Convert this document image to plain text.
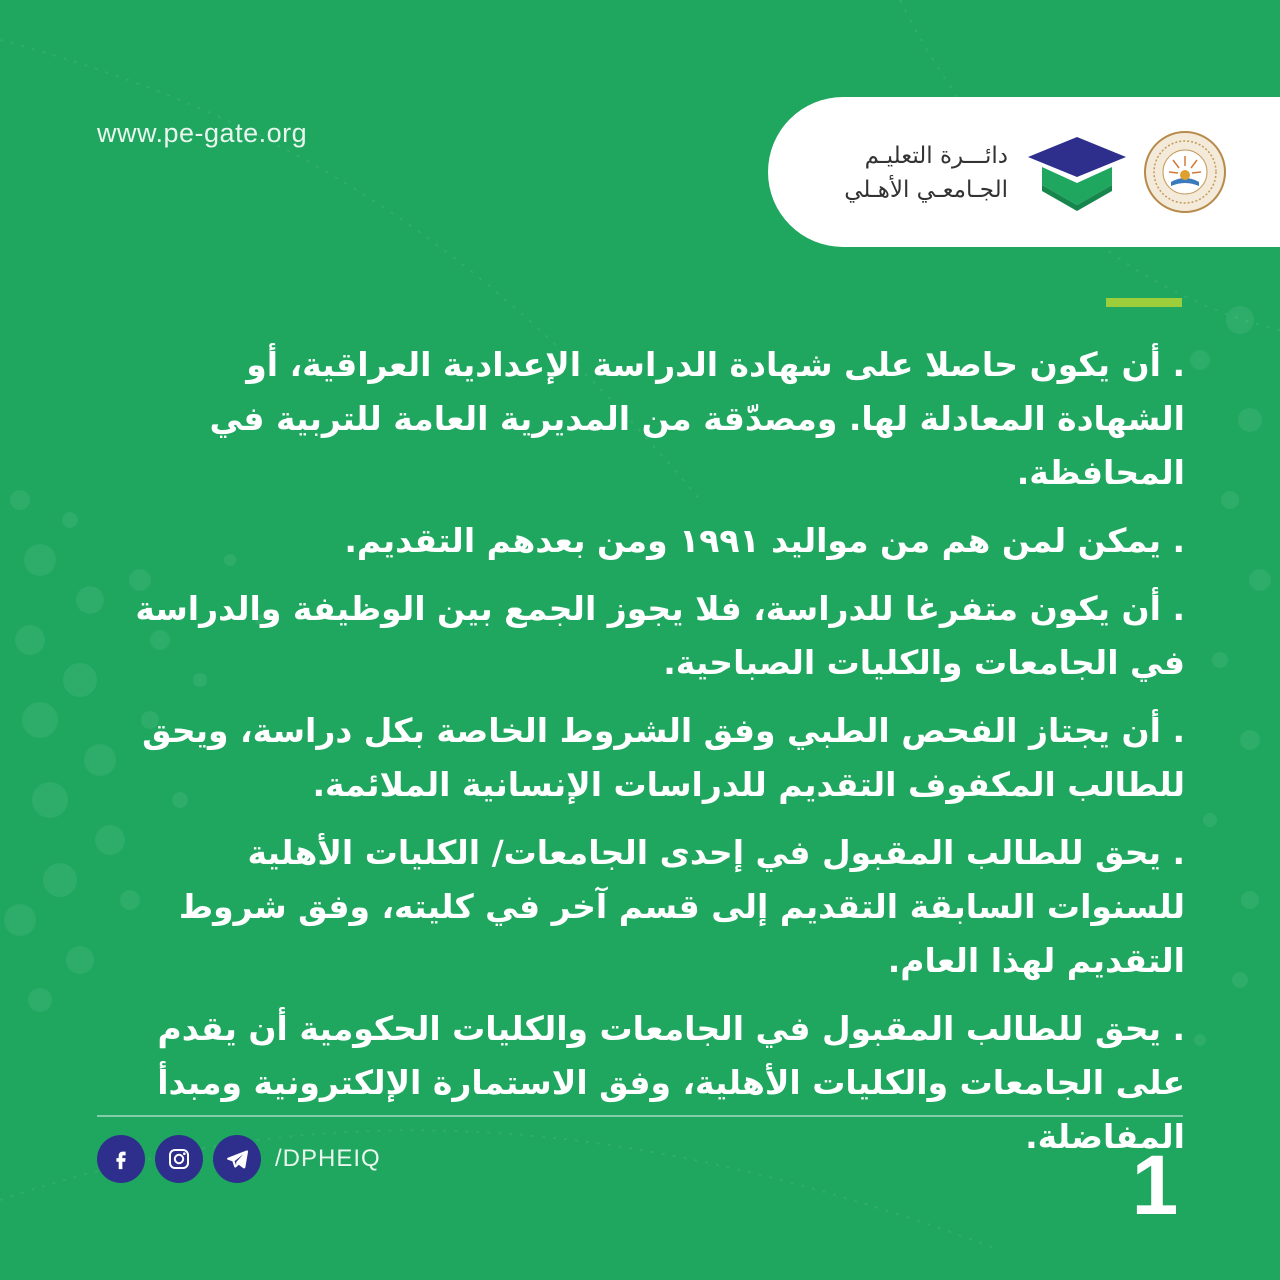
www.pe-gate.org
دائـــرة التعليـم
الجـامعـي الأهـلي

. أن يكون حاصلا على شهادة الدراسة الإعدادية العراقية، أو الشهادة المعادلة لها. ومصدّقة من المديرية العامة للتربية في المحافظة.

. يمكن لمن هم من مواليد ١٩٩١ ومن بعدهم التقديم.

. أن يكون متفرغا للدراسة، فلا يجوز الجمع بين الوظيفة والدراسة في الجامعات والكليات الصباحية.

. أن يجتاز الفحص الطبي وفق الشروط الخاصة بكل دراسة، ويحق للطالب المكفوف التقديم للدراسات الإنسانية الملائمة.

. يحق للطالب المقبول في إحدى الجامعات/ الكليات الأهلية للسنوات السابقة التقديم إلى قسم آخر في كليته، وفق شروط التقديم لهذا العام.

. يحق للطالب المقبول في الجامعات والكليات الحكومية أن يقدم على الجامعات والكليات الأهلية، وفق الاستمارة الإلكترونية ومبدأ المفاضلة.

/DPHEIQ	1
